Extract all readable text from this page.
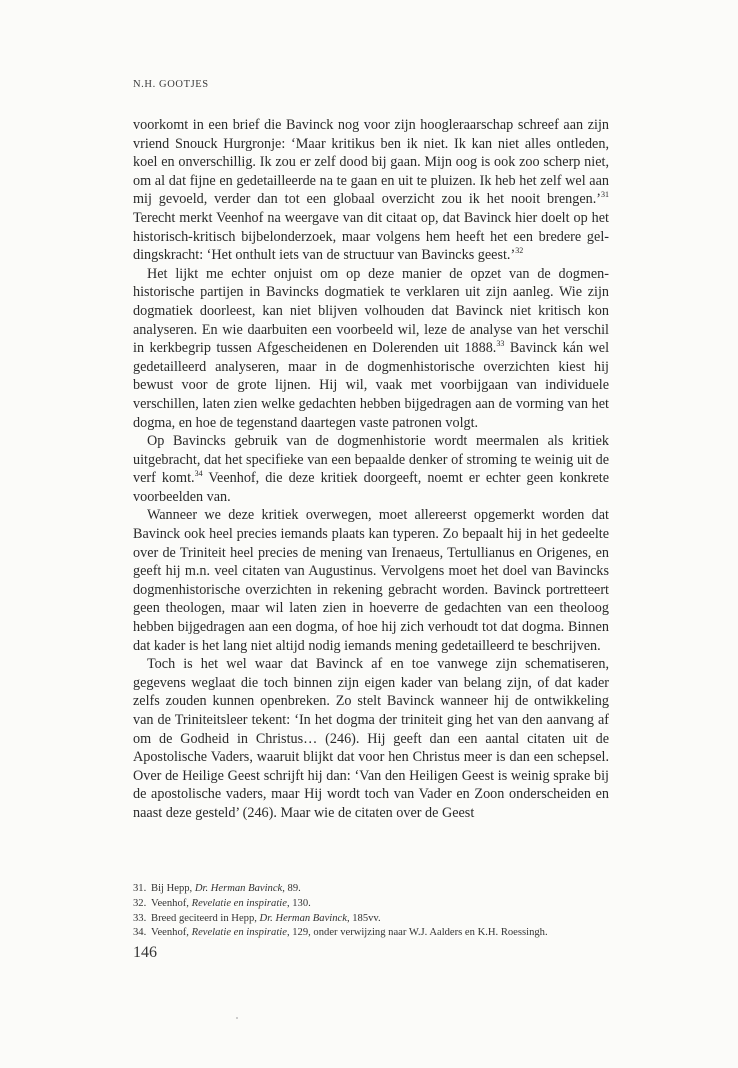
N.H. GOOTJES

voorkomt in een brief die Bavinck nog voor zijn hoogleraarschap schreef aan zijn vriend Snouck Hurgronje: ‘Maar kritikus ben ik niet. Ik kan niet alles ontleden, koel en onverschillig. Ik zou er zelf dood bij gaan. Mijn oog is ook zoo scherp niet, om al dat fijne en gedetailleerde na te gaan en uit te pluizen. Ik heb het zelf wel aan mij gevoeld, verder dan tot een globaal overzicht zou ik het nooit brengen.’$^{31}$ Terecht merkt Veenhof na weergave van dit citaat op, dat Bavinck hier doelt op het historisch-kritisch bijbelonderzoek, maar volgens hem heeft het een bredere gel- dingskracht: ‘Het onthult iets van de structuur van Bavincks geest.’$^{32}$

Het lijkt me echter onjuist om op deze manier de opzet van de dogmen- historische partijen in Bavincks dogmatiek te verklaren uit zijn aanleg. Wie zijn dogmatiek doorleest, kan niet blijven volhouden dat Bavinck niet kritisch kon analyseren. En wie daarbuiten een voorbeeld wil, leze de analyse van het verschil in kerkbegrip tussen Afgescheidenen en Dolerenden uit 1888.33 Bavinck kán wel gedetailleerd analyseren, maar in de dogmenhistorische overzichten kiest hij bewust voor de grote lijnen. Hij wil, vaak met voorbijgaan van individuele verschillen, laten zien welke gedachten hebben bijgedragen aan de vorming van het dogma, en hoe de tegenstand daartegen vaste patronen volgt.

Op Bavincks gebruik van de dogmenhistorie wordt meermalen als kritiek uitgebracht, dat het specifieke van een bepaalde denker of stroming te weinig uit de verf komt.$^{34}$ Veenhof, die deze kritiek doorgeeft, noemt er echter geen konkrete voorbeelden van.

Wanneer we deze kritiek overwegen, moet allereerst opgemerkt worden dat Bavinck ook heel precies iemands plaats kan typeren. Zo bepaalt hij in het gedeelte over de Triniteit heel precies de mening van Irenaeus, Tertullianus en Origenes, en geeft hij m.n. veel citaten van Augustinus. Vervolgens moet het doel van Bavincks dogmenhistorische overzichten in rekening gebracht worden. Bavinck portretteert geen theologen, maar wil laten zien in hoeverre de gedachten van een theoloog hebben bijgedragen aan een dogma, of hoe hij zich verhoudt tot dat dogma. Binnen dat kader is het lang niet altijd nodig iemands mening gedetailleerd te beschrijven.

Toch is het wel waar dat Bavinck af en toe vanwege zijn schematiseren, gegevens weglaat die toch binnen zijn eigen kader van belang zijn, of dat kader zelfs zouden kunnen openbreken. Zo stelt Bavinck wanneer hij de ontwikkeling van de Triniteitsleer tekent: ‘In het dogma der triniteit ging het van den aanvang af om de Godheid in Christus… (246). Hij geeft dan een aantal citaten uit de Apostolische Vaders, waaruit blijkt dat voor hen Christus meer is dan een schepsel. Over de Heilige Geest schrijft hij dan: ‘Van den Heiligen Geest is weinig sprake bij de apostolische vaders, maar Hij wordt toch van Vader en Zoon onderscheiden en naast deze gesteld’ (246). Maar wie de citaten over de Geest

31. Bij Hepp, Dr. Herman Bavinck, 89.
32. Veenhof, Revelatie en inspiratie, 130.
33. Breed geciteerd in Hepp, Dr. Herman Bavinck, 185vv.
34. Veenhof, Revelatie en inspiratie, 129, onder verwijzing naar W.J. Aalders en K.H. Roessingh.
146
